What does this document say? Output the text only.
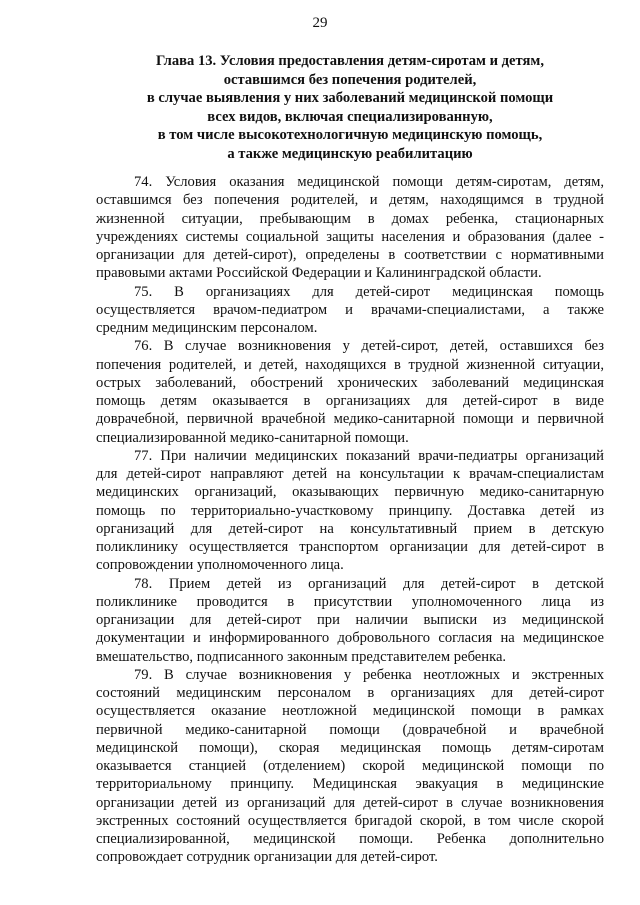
29
Глава 13. Условия предоставления детям-сиротам и детям,
оставшимся без попечения родителей,
в случае выявления у них заболеваний медицинской помощи
всех видов, включая специализированную,
в том числе высокотехнологичную медицинскую помощь,
а также медицинскую реабилитацию

74. Условия оказания медицинской помощи детям-сиротам, детям,
оставшимся без попечения родителей, и детям, находящимся в трудной
жизненной ситуации, пребывающим в домах ребенка, стационарных
учреждениях системы социальной защиты населения и образования (далее -
организации для детей-сирот), определены в соответствии с нормативными
правовыми актами Российской Федерации и Калининградской области.

75. В организациях для детей-сирот медицинская помощь
осуществляется врачом-педиатром и врачами-специалистами, а также
средним медицинским персоналом.

76. В случае возникновения у детей-сирот, детей, оставшихся без
попечения родителей, и детей, находящихся в трудной жизненной ситуации,
острых заболеваний, обострений хронических заболеваний медицинская
помощь детям оказывается в организациях для детей-сирот в виде
доврачебной, первичной врачебной медико-санитарной помощи и первичной
специализированной медико-санитарной помощи.

77. При наличии медицинских показаний врачи-педиатры организаций
для детей-сирот направляют детей на консультации к врачам-специалистам
медицинских организаций, оказывающих первичную медико-санитарную
помощь по территориально-участковому принципу. Доставка детей из
организаций для детей-сирот на консультативный прием в детскую
поликлинику осуществляется транспортом организации для детей-сирот в
сопровождении уполномоченного лица.

78. Прием детей из организаций для детей-сирот в детской
поликлинике проводится в присутствии уполномоченного лица из
организации для детей-сирот при наличии выписки из медицинской
документации и информированного добровольного согласия на медицинское
вмешательство, подписанного законным представителем ребенка.

79. В случае возникновения у ребенка неотложных и экстренных
состояний медицинским персоналом в организациях для детей-сирот
осуществляется оказание неотложной медицинской помощи в рамках
первичной медико-санитарной помощи (доврачебной и врачебной
медицинской помощи), скорая медицинская помощь детям-сиротам
оказывается станцией (отделением) скорой медицинской помощи по
территориальному принципу. Медицинская эвакуация в медицинские
организации детей из организаций для детей-сирот в случае возникновения
экстренных состояний осуществляется бригадой скорой, в том числе скорой
специализированной, медицинской помощи. Ребенка дополнительно
сопровождает сотрудник организации для детей-сирот.
